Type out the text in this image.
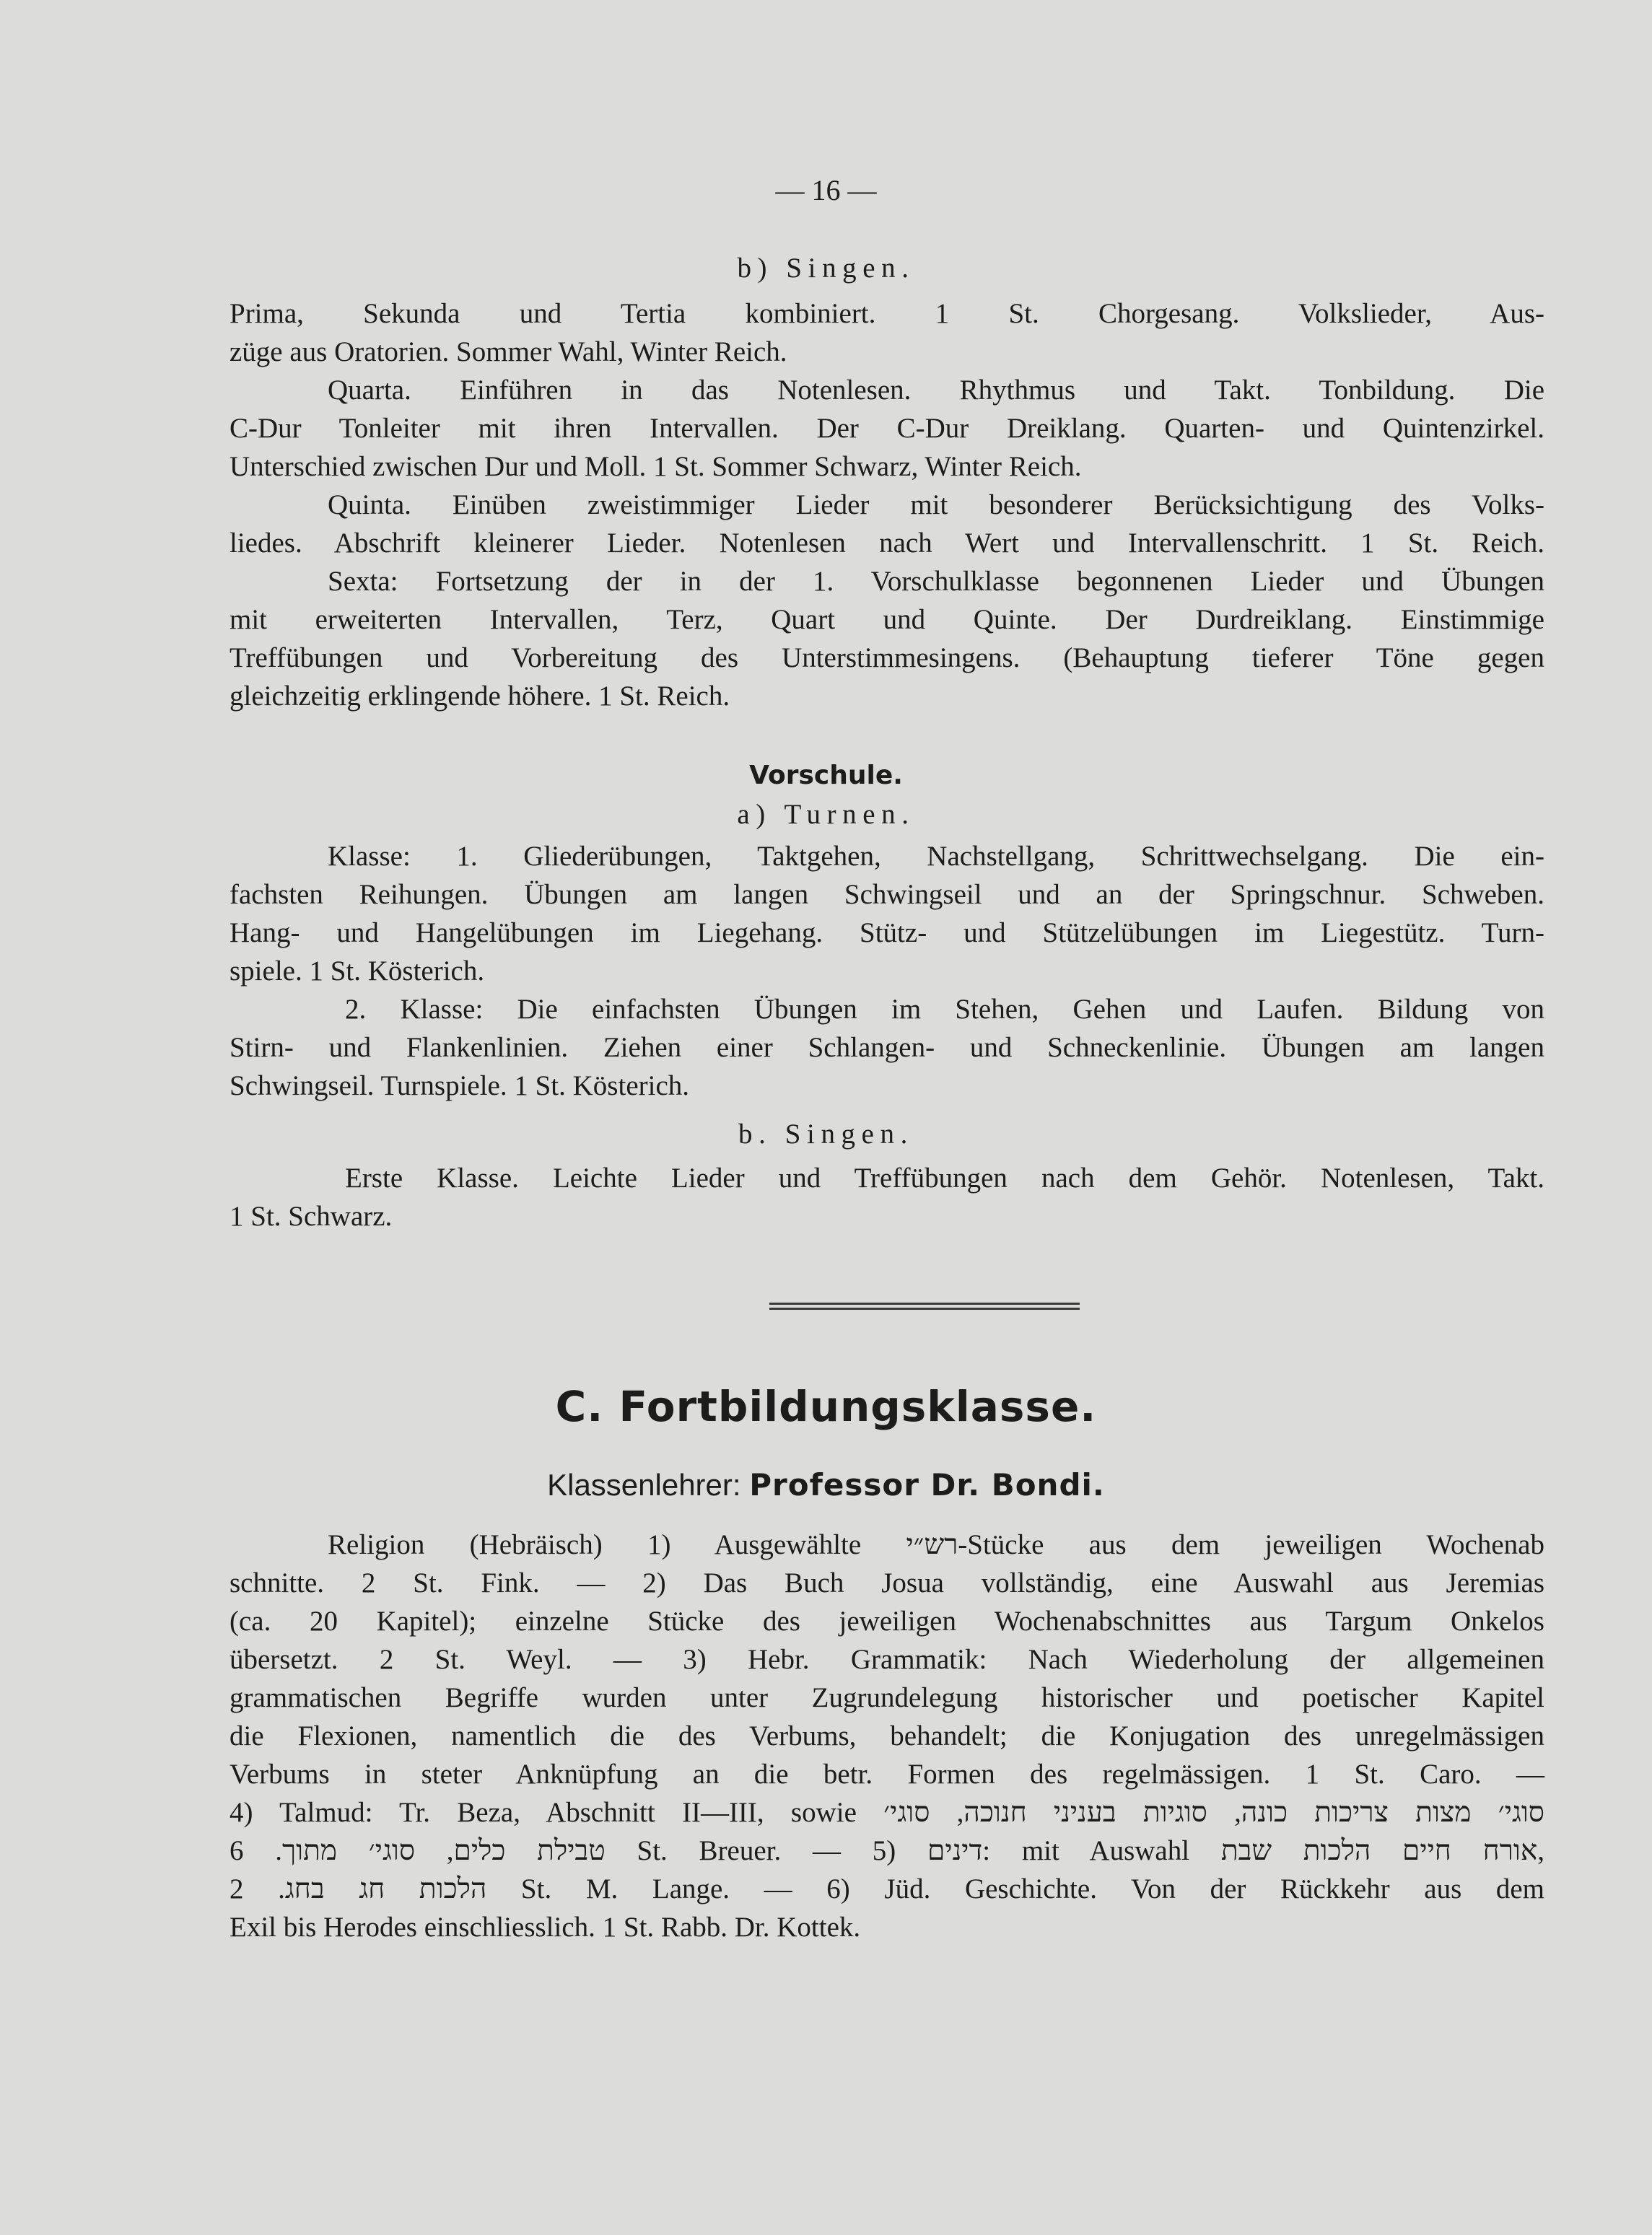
— 16 —
b) Singen.
Prima, Sekunda und Tertia kombiniert. 1 St. Chorgesang. Volkslieder, Aus-
züge aus Oratorien. Sommer Wahl, Winter Reich.
Quarta. Einführen in das Notenlesen. Rhythmus und Takt. Tonbildung. Die
C-Dur Tonleiter mit ihren Intervallen. Der C-Dur Dreiklang. Quarten- und Quintenzirkel.
Unterschied zwischen Dur und Moll. 1 St. Sommer Schwarz, Winter Reich.
Quinta. Einüben zweistimmiger Lieder mit besonderer Berücksichtigung des Volks-
liedes. Abschrift kleinerer Lieder. Notenlesen nach Wert und Intervallenschritt. 1 St. Reich.
Sexta: Fortsetzung der in der 1. Vorschulklasse begonnenen Lieder und Übungen
mit erweiterten Intervallen, Terz, Quart und Quinte. Der Durdreiklang. Einstimmige
Treffübungen und Vorbereitung des Unterstimmesingens. (Behauptung tieferer Töne gegen
gleichzeitig erklingende höhere. 1 St. Reich.
Vorschule.
a) Turnen.
Klasse: 1. Gliederübungen, Taktgehen, Nachstellgang, Schrittwechselgang. Die ein-
fachsten Reihungen. Übungen am langen Schwingseil und an der Springschnur. Schweben.
Hang- und Hangelübungen im Liegehang. Stütz- und Stützelübungen im Liegestütz. Turn-
spiele. 1 St. Kösterich.
2. Klasse: Die einfachsten Übungen im Stehen, Gehen und Laufen. Bildung von
Stirn- und Flankenlinien. Ziehen einer Schlangen- und Schneckenlinie. Übungen am langen
Schwingseil. Turnspiele. 1 St. Kösterich.
b. Singen.
Erste Klasse. Leichte Lieder und Treffübungen nach dem Gehör. Notenlesen, Takt.
1 St. Schwarz.
C. Fortbildungsklasse.
Klassenlehrer: Professor Dr. Bondi.
Religion (Hebräisch) 1) Ausgewählte רש״י-Stücke aus dem jeweiligen Wochenab
schnitte. 2 St. Fink. — 2) Das Buch Josua vollständig, eine Auswahl aus Jeremias
(ca. 20 Kapitel); einzelne Stücke des jeweiligen Wochenabschnittes aus Targum Onkelos
übersetzt. 2 St. Weyl. — 3) Hebr. Grammatik: Nach Wiederholung der allgemeinen
grammatischen Begriffe wurden unter Zugrundelegung historischer und poetischer Kapitel
die Flexionen, namentlich die des Verbums, behandelt; die Konjugation des unregelmässigen
Verbums in steter Anknüpfung an die betr. Formen des regelmässigen. 1 St. Caro. —
4) Talmud: Tr. Beza, Abschnitt II—III, sowie סוגי׳ מצות צריכות כונה, סוגיות בעניני חנוכה, סוגי׳
טבילת כלים, סוגי׳ מתוך. 6 St. Breuer. — 5) דינים: mit Auswahl אורח חיים הלכות שבת,
הלכות חג בחג. 2 St. M. Lange. — 6) Jüd. Geschichte. Von der Rückkehr aus dem
Exil bis Herodes einschliesslich. 1 St. Rabb. Dr. Kottek.
